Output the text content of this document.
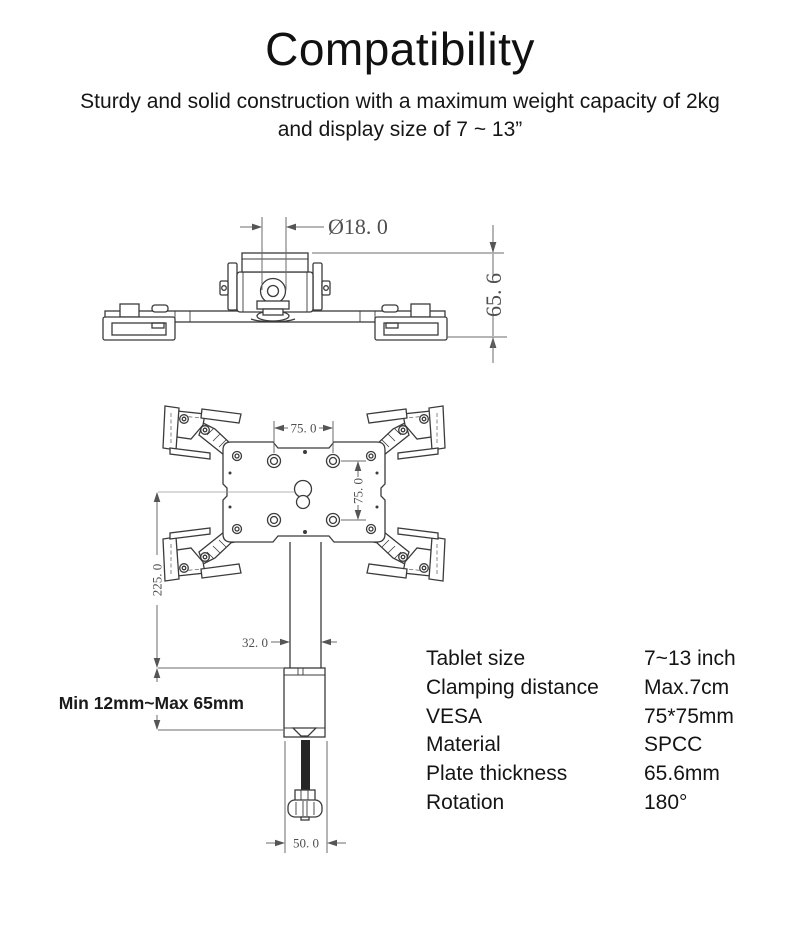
Compatibility
Sturdy and solid construction with a maximum weight capacity of 2kg
and display size of 7 ~ 13”
Ø18. 0
65. 6
75. 0
75. 0
225. 0
Min 12mm~Max 65mm
32. 0
50. 0
Tablet size	7~13 inch
Clamping distance	Max.7cm
VESA	75*75mm
Material	SPCC
Plate thickness	65.6mm
Rotation	180°
